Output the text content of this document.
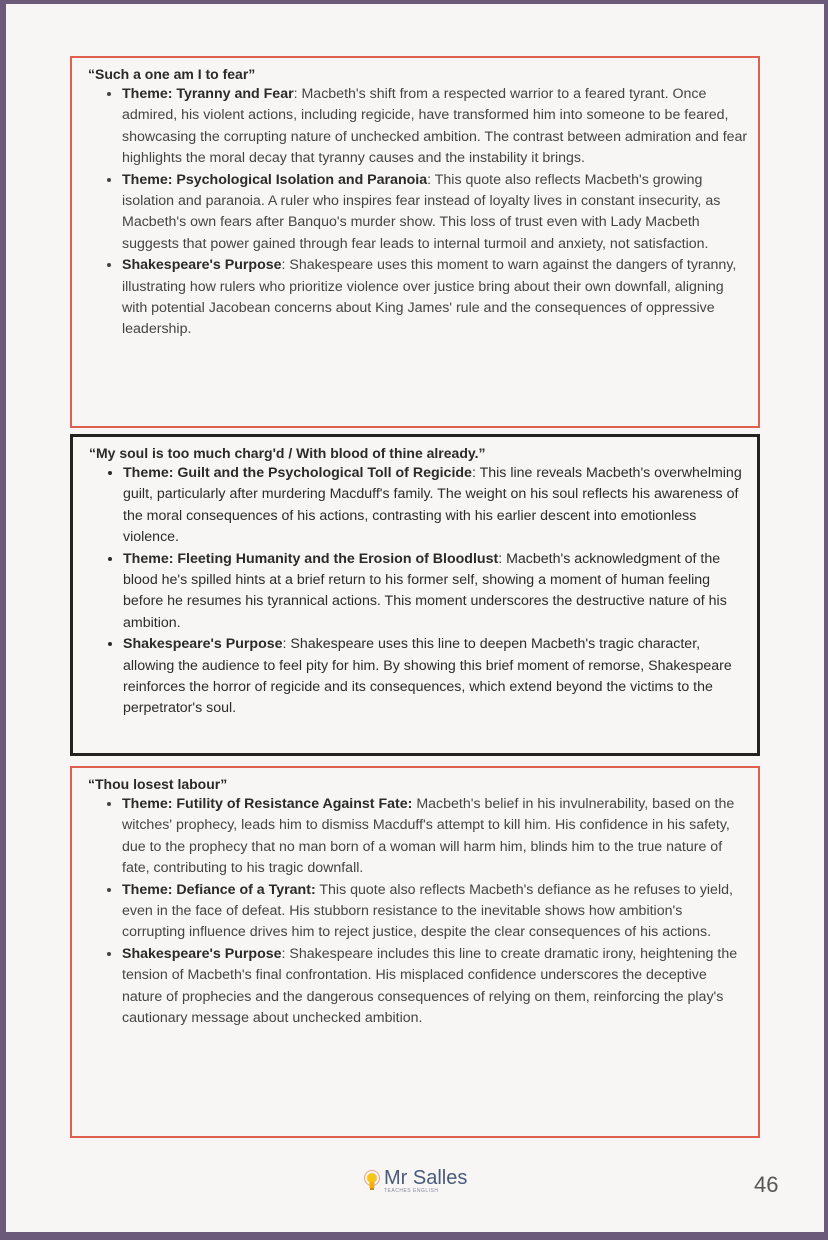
“Such a one am I to fear”
• Theme: Tyranny and Fear: Macbeth's shift from a respected warrior to a feared tyrant. Once admired, his violent actions, including regicide, have transformed him into someone to be feared, showcasing the corrupting nature of unchecked ambition. The contrast between admiration and fear highlights the moral decay that tyranny causes and the instability it brings.
• Theme: Psychological Isolation and Paranoia: This quote also reflects Macbeth's growing isolation and paranoia. A ruler who inspires fear instead of loyalty lives in constant insecurity, as Macbeth's own fears after Banquo's murder show. This loss of trust even with Lady Macbeth suggests that power gained through fear leads to internal turmoil and anxiety, not satisfaction.
• Shakespeare's Purpose: Shakespeare uses this moment to warn against the dangers of tyranny, illustrating how rulers who prioritize violence over justice bring about their own downfall, aligning with potential Jacobean concerns about King James' rule and the consequences of oppressive leadership.
“My soul is too much charg'd / With blood of thine already.”
• Theme: Guilt and the Psychological Toll of Regicide: This line reveals Macbeth's overwhelming guilt, particularly after murdering Macduff's family. The weight on his soul reflects his awareness of the moral consequences of his actions, contrasting with his earlier descent into emotionless violence.
• Theme: Fleeting Humanity and the Erosion of Bloodlust: Macbeth's acknowledgment of the blood he's spilled hints at a brief return to his former self, showing a moment of human feeling before he resumes his tyrannical actions. This moment underscores the destructive nature of his ambition.
• Shakespeare's Purpose: Shakespeare uses this line to deepen Macbeth's tragic character, allowing the audience to feel pity for him. By showing this brief moment of remorse, Shakespeare reinforces the horror of regicide and its consequences, which extend beyond the victims to the perpetrator's soul.
“Thou losest labour”
• Theme: Futility of Resistance Against Fate: Macbeth's belief in his invulnerability, based on the witches' prophecy, leads him to dismiss Macduff's attempt to kill him. His confidence in his safety, due to the prophecy that no man born of a woman will harm him, blinds him to the true nature of fate, contributing to his tragic downfall.
• Theme: Defiance of a Tyrant: This quote also reflects Macbeth's defiance as he refuses to yield, even in the face of defeat. His stubborn resistance to the inevitable shows how ambition's corrupting influence drives him to reject justice, despite the clear consequences of his actions.
• Shakespeare's Purpose: Shakespeare includes this line to create dramatic irony, heightening the tension of Macbeth's final confrontation. His misplaced confidence underscores the deceptive nature of prophecies and the dangerous consequences of relying on them, reinforcing the play's cautionary message about unchecked ambition.
Mr Salles
TEACHES ENGLISH	46
